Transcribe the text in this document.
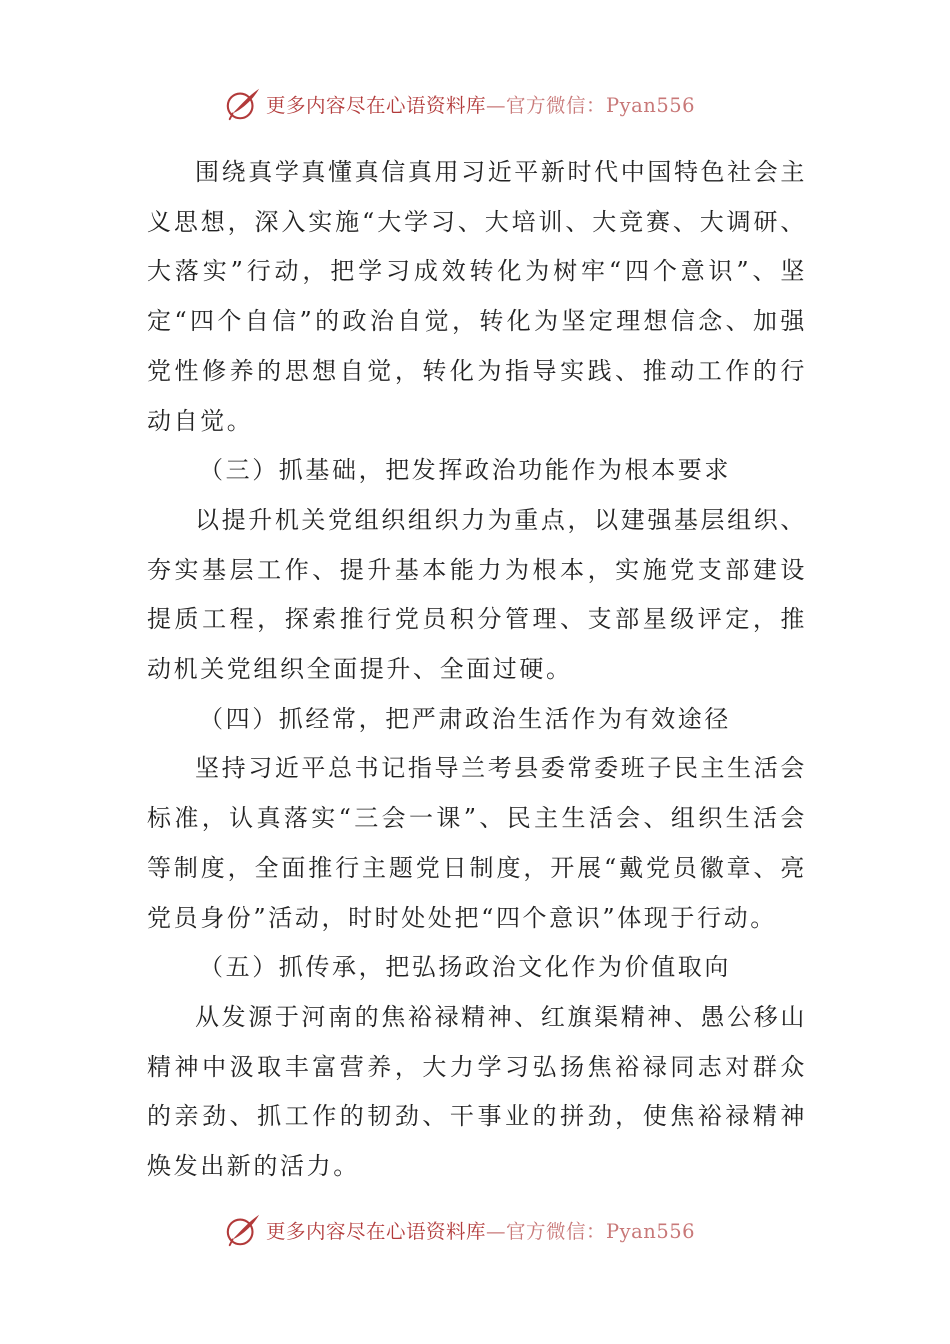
更多内容尽在心语资料库—官方微信：Pyan556

围绕真学真懂真信真用习近平新时代中国特色社会主义思想，深入实施“大学习、大培训、大竞赛、大调研、大落实”行动，把学习成效转化为树牢“四个意识”、坚定“四个自信”的政治自觉，转化为坚定理想信念、加强党性修养的思想自觉，转化为指导实践、推动工作的行动自觉。

（三）抓基础，把发挥政治功能作为根本要求

以提升机关党组织组织力为重点，以建强基层组织、夯实基层工作、提升基本能力为根本，实施党支部建设提质工程，探索推行党员积分管理、支部星级评定，推动机关党组织全面提升、全面过硬。

（四）抓经常，把严肃政治生活作为有效途径

坚持习近平总书记指导兰考县委常委班子民主生活会标准，认真落实“三会一课”、民主生活会、组织生活会等制度，全面推行主题党日制度，开展“戴党员徽章、亮党员身份”活动，时时处处把“四个意识”体现于行动。

（五）抓传承，把弘扬政治文化作为价值取向

从发源于河南的焦裕禄精神、红旗渠精神、愚公移山精神中汲取丰富营养，大力学习弘扬焦裕禄同志对群众的亲劲、抓工作的韧劲、干事业的拼劲，使焦裕禄精神焕发出新的活力。

更多内容尽在心语资料库—官方微信：Pyan556
